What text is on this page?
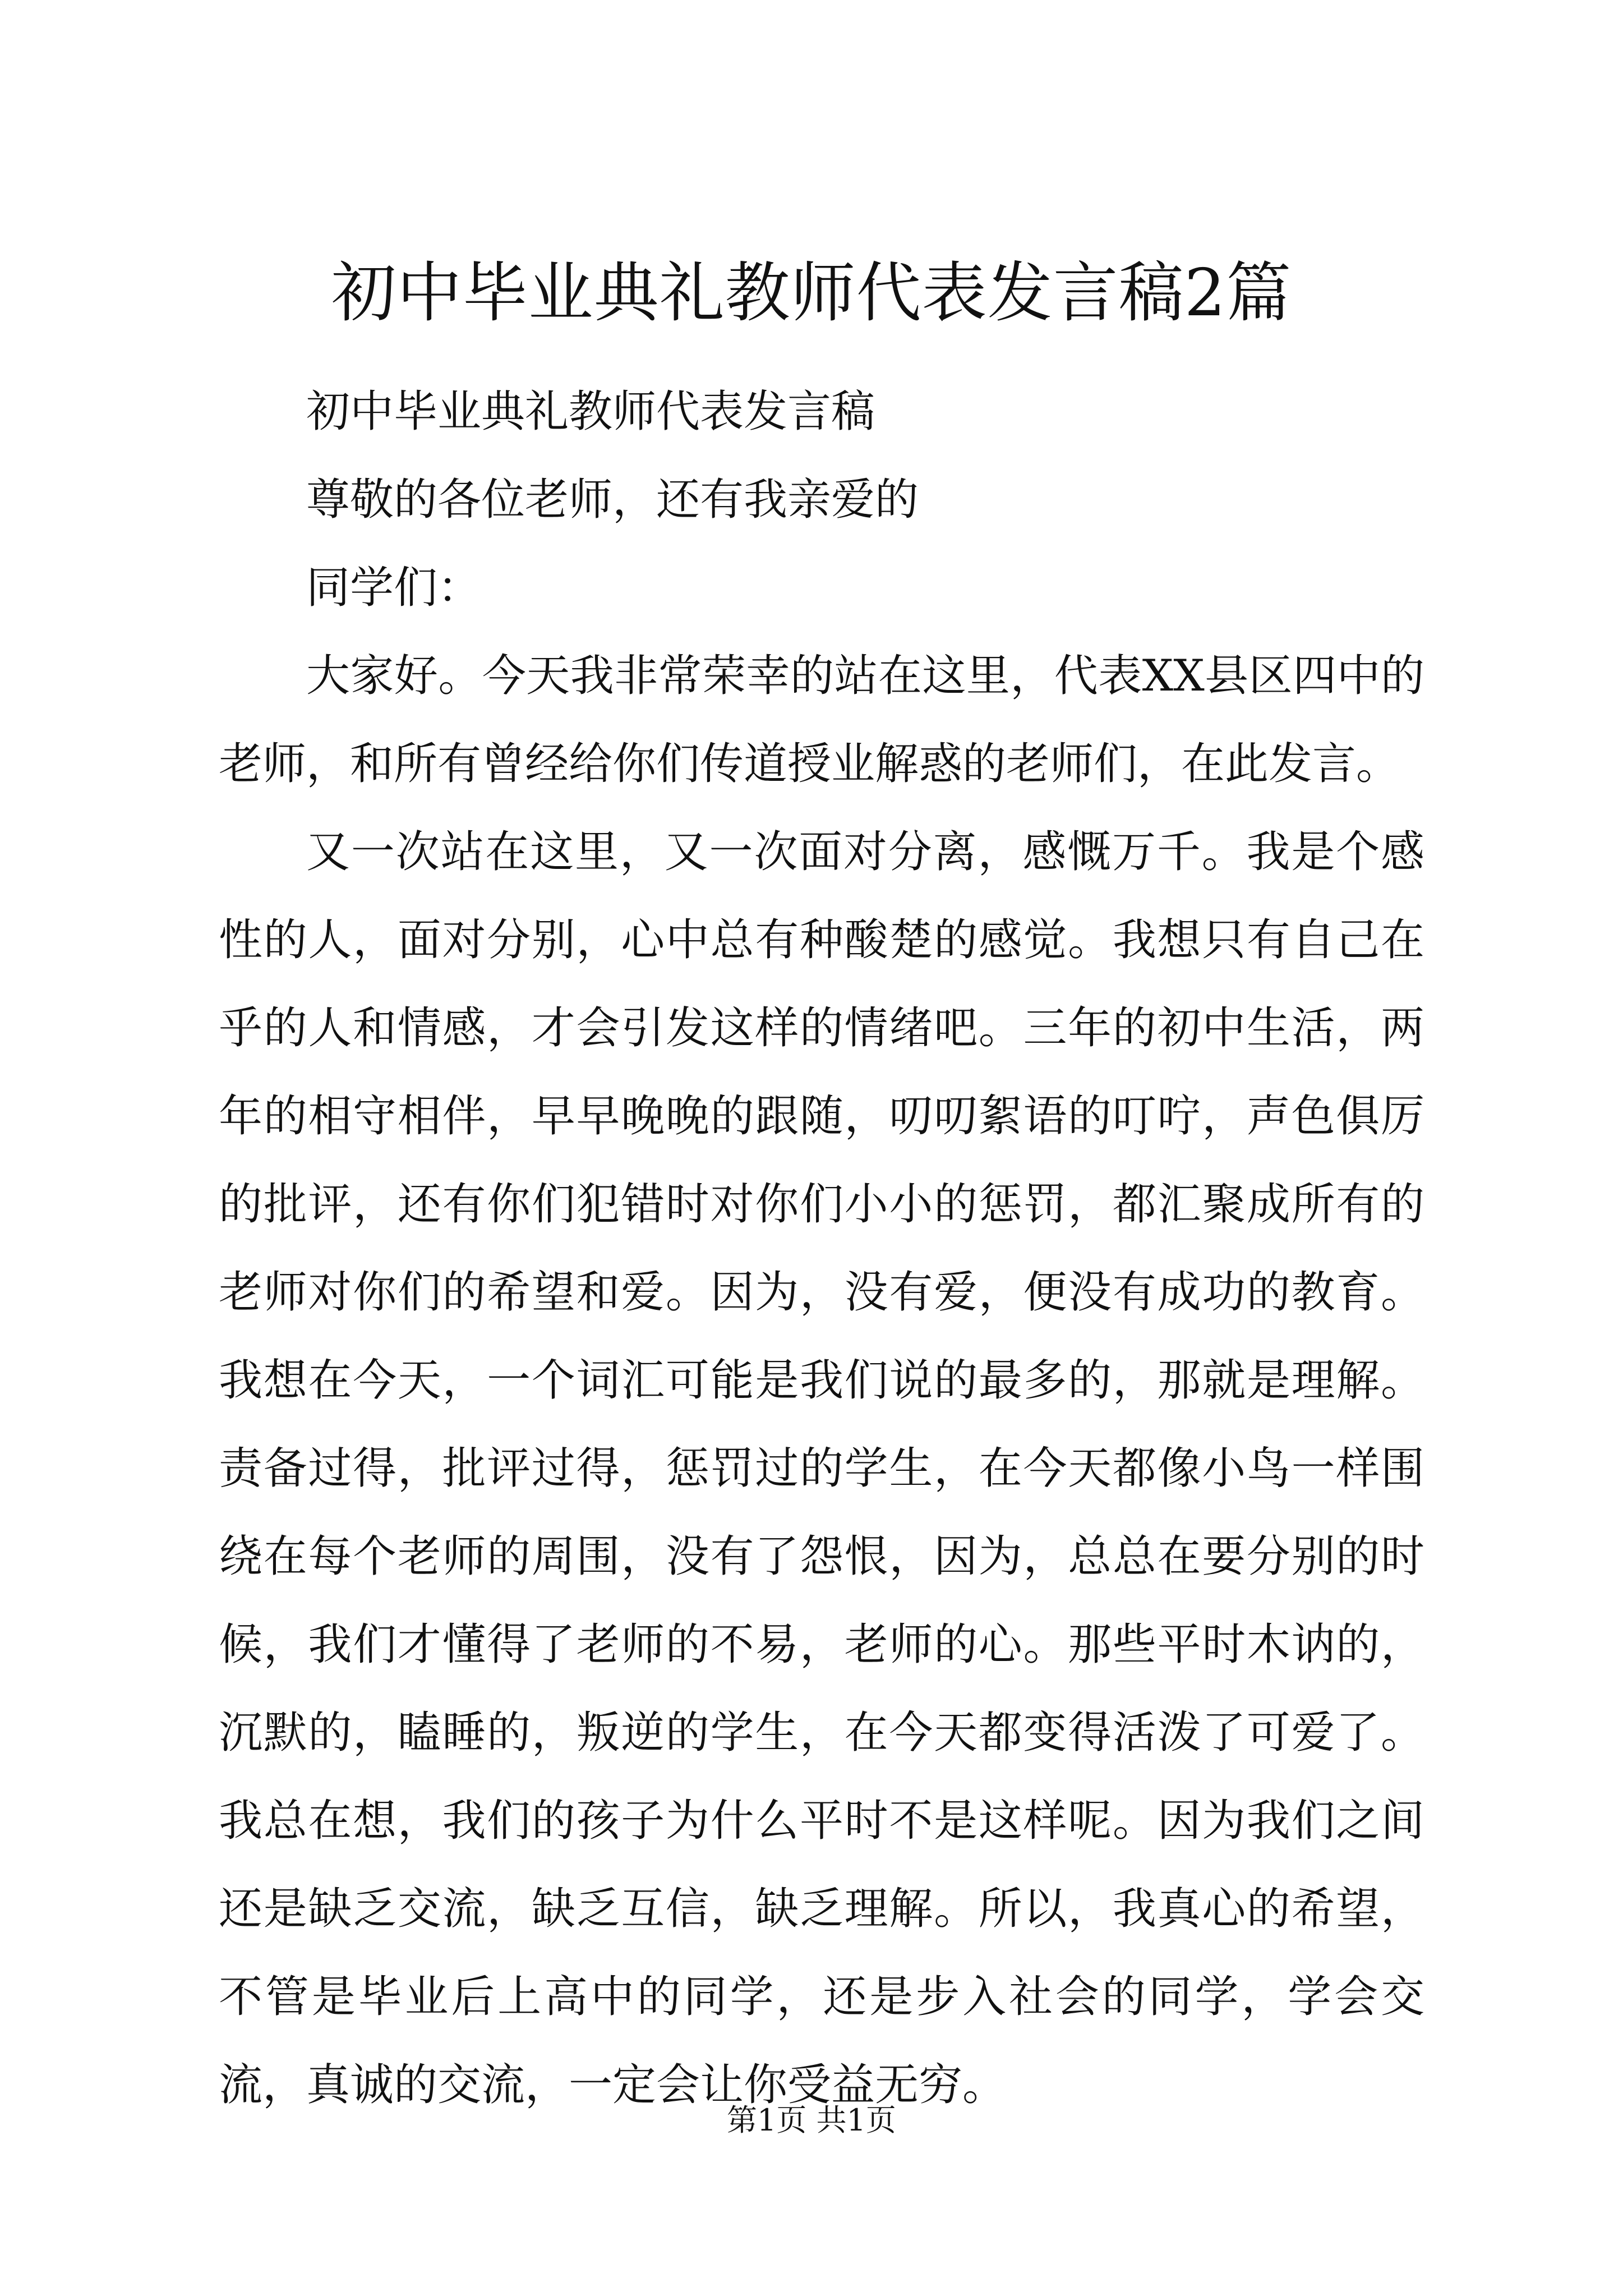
初中毕业典礼教师代表发言稿2篇

初中毕业典礼教师代表发言稿

尊敬的各位老师，还有我亲爱的

同学们：

大家好。今天我非常荣幸的站在这里，代表XX县区四中的老师，和所有曾经给你们传道授业解惑的老师们，在此发言。

又一次站在这里，又一次面对分离，感慨万千。我是个感性的人，面对分别，心中总有种酸楚的感觉。我想只有自己在乎的人和情感，才会引发这样的情绪吧。三年的初中生活，两年的相守相伴，早早晚晚的跟随，叨叨絮语的叮咛，声色俱厉的批评，还有你们犯错时对你们小小的惩罚，都汇聚成所有的老师对你们的希望和爱。因为，没有爱，便没有成功的教育。我想在今天，一个词汇可能是我们说的最多的，那就是理解。责备过得，批评过得，惩罚过的学生，在今天都像小鸟一样围绕在每个老师的周围，没有了怨恨，因为，总总在要分别的时候，我们才懂得了老师的不易，老师的心。那些平时木讷的，沉默的，瞌睡的，叛逆的学生，在今天都变得活泼了可爱了。我总在想，我们的孩子为什么平时不是这样呢。因为我们之间还是缺乏交流，缺乏互信，缺乏理解。所以，我真心的希望，不管是毕业后上高中的同学，还是步入社会的同学，学会交流，真诚的交流，一定会让你受益无穷。

第1页 共1页
